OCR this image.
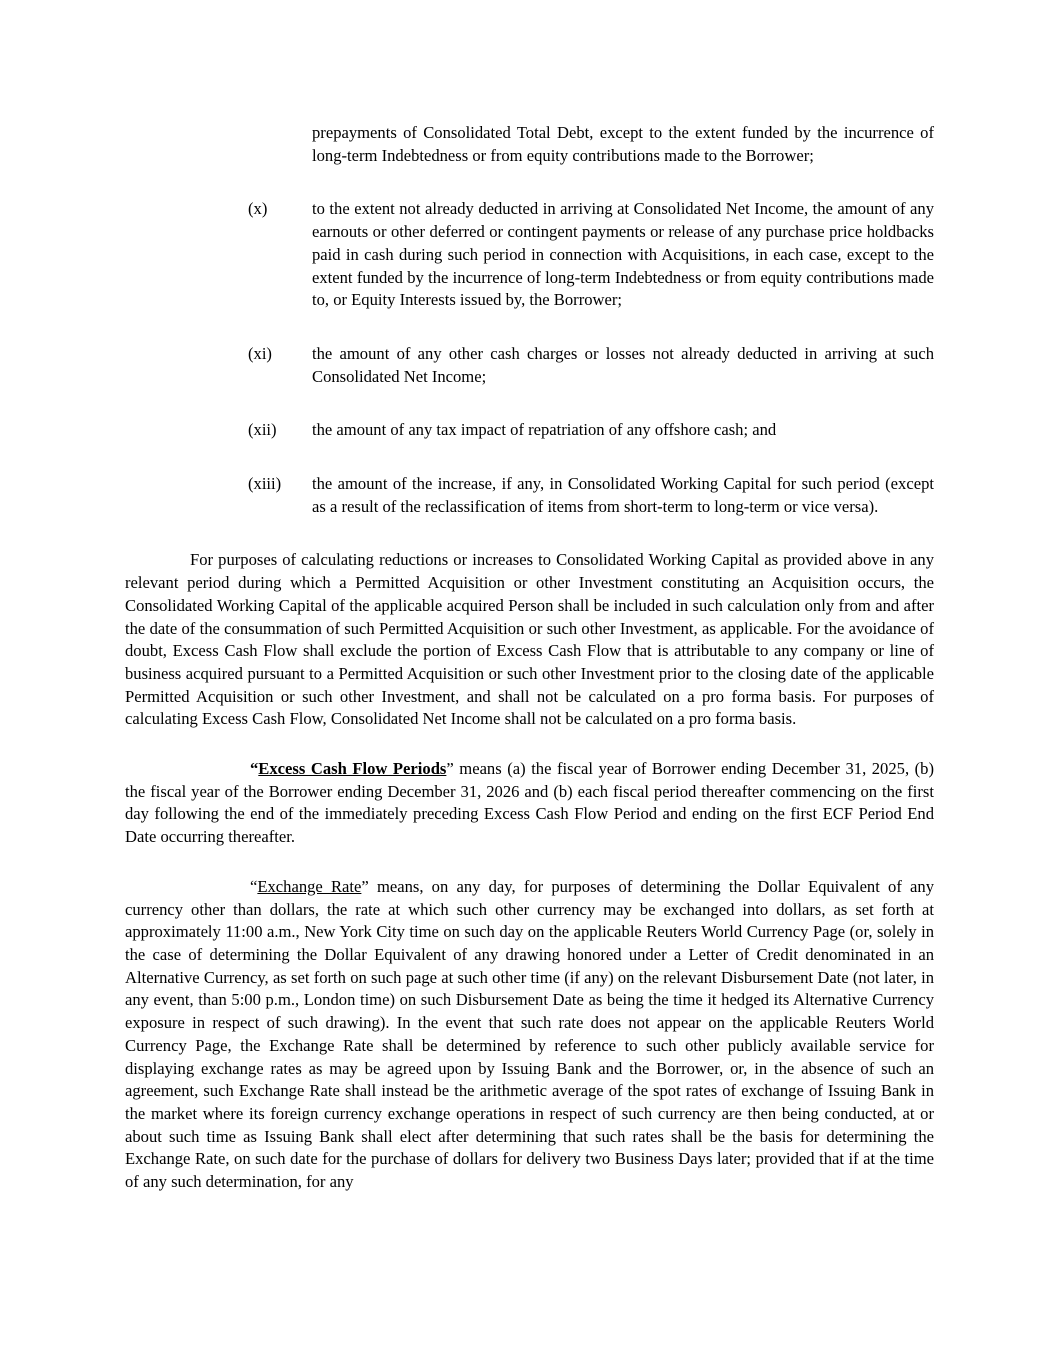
prepayments of Consolidated Total Debt, except to the extent funded by the incurrence of long-term Indebtedness or from equity contributions made to the Borrower;

(x)	to the extent not already deducted in arriving at Consolidated Net Income, the amount of any earnouts or other deferred or contingent payments or release of any purchase price holdbacks paid in cash during such period in connection with Acquisitions, in each case, except to the extent funded by the incurrence of long-term Indebtedness or from equity contributions made to, or Equity Interests issued by, the Borrower;
(xi)	the amount of any other cash charges or losses not already deducted in arriving at such Consolidated Net Income;
(xii)	the amount of any tax impact of repatriation of any offshore cash; and
(xiii)	the amount of the increase, if any, in Consolidated Working Capital for such period (except as a result of the reclassification of items from short-term to long-term or vice versa).

For purposes of calculating reductions or increases to Consolidated Working Capital as provided above in any relevant period during which a Permitted Acquisition or other Investment constituting an Acquisition occurs, the Consolidated Working Capital of the applicable acquired Person shall be included in such calculation only from and after the date of the consummation of such Permitted Acquisition or such other Investment, as applicable. For the avoidance of doubt, Excess Cash Flow shall exclude the portion of Excess Cash Flow that is attributable to any company or line of business acquired pursuant to a Permitted Acquisition or such other Investment prior to the closing date of the applicable Permitted Acquisition or such other Investment, and shall not be calculated on a pro forma basis. For purposes of calculating Excess Cash Flow, Consolidated Net Income shall not be calculated on a pro forma basis.

“Excess Cash Flow Periods” means (a) the fiscal year of Borrower ending December 31, 2025, (b) the fiscal year of the Borrower ending December 31, 2026 and (b) each fiscal period thereafter commencing on the first day following the end of the immediately preceding Excess Cash Flow Period and ending on the first ECF Period End Date occurring thereafter.

“Exchange Rate” means, on any day, for purposes of determining the Dollar Equivalent of any currency other than dollars, the rate at which such other currency may be exchanged into dollars, as set forth at approximately 11:00 a.m., New York City time on such day on the applicable Reuters World Currency Page (or, solely in the case of determining the Dollar Equivalent of any drawing honored under a Letter of Credit denominated in an Alternative Currency, as set forth on such page at such other time (if any) on the relevant Disbursement Date (not later, in any event, than 5:00 p.m., London time) on such Disbursement Date as being the time it hedged its Alternative Currency exposure in respect of such drawing). In the event that such rate does not appear on the applicable Reuters World Currency Page, the Exchange Rate shall be determined by reference to such other publicly available service for displaying exchange rates as may be agreed upon by Issuing Bank and the Borrower, or, in the absence of such an agreement, such Exchange Rate shall instead be the arithmetic average of the spot rates of exchange of Issuing Bank in the market where its foreign currency exchange operations in respect of such currency are then being conducted, at or about such time as Issuing Bank shall elect after determining that such rates shall be the basis for determining the Exchange Rate, on such date for the purchase of dollars for delivery two Business Days later; provided that if at the time of any such determination, for any
